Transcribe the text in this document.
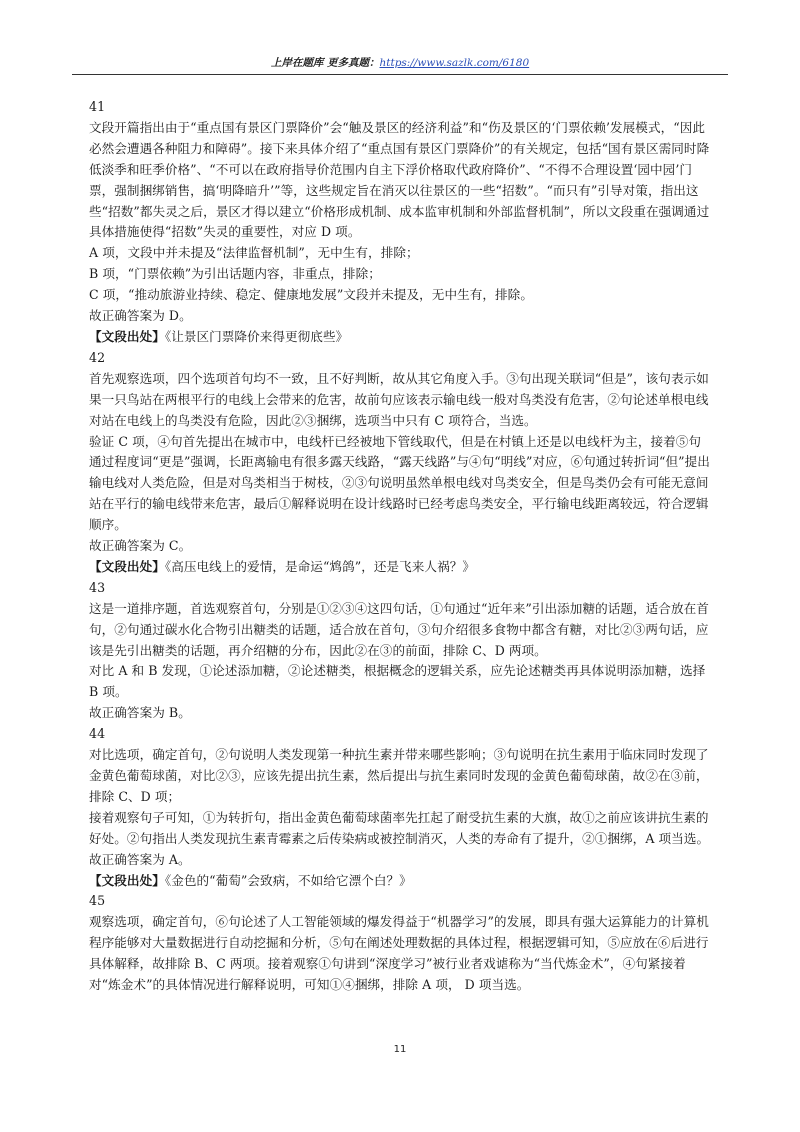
上岸在题库 更多真题：https://www.sazlk.com/6180

41

文段开篇指出由于“重点国有景区门票降价”会“触及景区的经济利益”和“伤及景区的‘门票依赖’发展模式，“因此必然会遭遇各种阻力和障碍”。接下来具体介绍了“重点国有景区门票降价”的有关规定，包括“国有景区需同时降低淡季和旺季价格”、“不可以在政府指导价范围内自主下浮价格取代政府降价”、“不得不合理设置‘园中园’门票，强制捆绑销售，搞‘明降暗升’”等，这些规定旨在消灭以往景区的一些“招数”。“而只有”引导对策，指出这些“招数”都失灵之后，景区才得以建立“价格形成机制、成本监审机制和外部监督机制”，所以文段重在强调通过具体措施使得“招数”失灵的重要性，对应 D 项。

A 项，文段中并未提及“法律监督机制”，无中生有，排除；

B 项，“门票依赖”为引出话题内容，非重点，排除；

C 项，“推动旅游业持续、稳定、健康地发展”文段并未提及，无中生有，排除。

故正确答案为 D。

【文段出处】《让景区门票降价来得更彻底些》

42

首先观察选项，四个选项首句均不一致，且不好判断，故从其它角度入手。③句出现关联词“但是”，该句表示如果一只鸟站在两根平行的电线上会带来的危害，故前句应该表示输电线一般对鸟类没有危害，②句论述单根电线对站在电线上的鸟类没有危险，因此②③捆绑，选项当中只有 C 项符合，当选。

验证 C 项，④句首先提出在城市中，电线杆已经被地下管线取代，但是在村镇上还是以电线杆为主，接着⑤句通过程度词“更是”强调，长距离输电有很多露天线路，“露天线路”与④句“明线”对应，⑥句通过转折词“但”提出输电线对人类危险，但是对鸟类相当于树枝，②③句说明虽然单根电线对鸟类安全，但是鸟类仍会有可能无意间站在平行的输电线带来危害，最后①解释说明在设计线路时已经考虑鸟类安全，平行输电线距离较远，符合逻辑顺序。

故正确答案为 C。

【文段出处】《高压电线上的爱情，是命运“鸩鸽”，还是飞来人祸？》

43

这是一道排序题，首选观察首句，分别是①②③④这四句话，①句通过“近年来”引出添加糖的话题，适合放在首句，②句通过碳水化合物引出糖类的话题，适合放在首句，③句介绍很多食物中都含有糖，对比②③两句话，应该是先引出糖类的话题，再介绍糖的分布，因此②在③的前面，排除 C、D 两项。

对比 A 和 B 发现，①论述添加糖，②论述糖类，根据概念的逻辑关系，应先论述糖类再具体说明添加糖，选择 B 项。

故正确答案为 B。

44

对比选项，确定首句，②句说明人类发现第一种抗生素并带来哪些影响；③句说明在抗生素用于临床同时发现了金黄色葡萄球菌，对比②③，应该先提出抗生素，然后提出与抗生素同时发现的金黄色葡萄球菌，故②在③前，排除 C、D 项；

接着观察句子可知，①为转折句，指出金黄色葡萄球菌率先扛起了耐受抗生素的大旗，故①之前应该讲抗生素的好处。②句指出人类发现抗生素青霉素之后传染病或被控制消灭，人类的寿命有了提升，②①捆绑，A 项当选。

故正确答案为 A。

【文段出处】《金色的“葡萄”会致病，不如给它漂个白？》

45

观察选项，确定首句，⑥句论述了人工智能领域的爆发得益于“机器学习”的发展，即具有强大运算能力的计算机程序能够对大量数据进行自动挖掘和分析，⑤句在阐述处理数据的具体过程，根据逻辑可知，⑤应放在⑥后进行具体解释，故排除 B、C 两项。接着观察①句讲到“深度学习”被行业者戏谑称为“当代炼金术”，④句紧接着对“炼金术”的具体情况进行解释说明，可知①④捆绑，排除 A 项， D 项当选。

11
